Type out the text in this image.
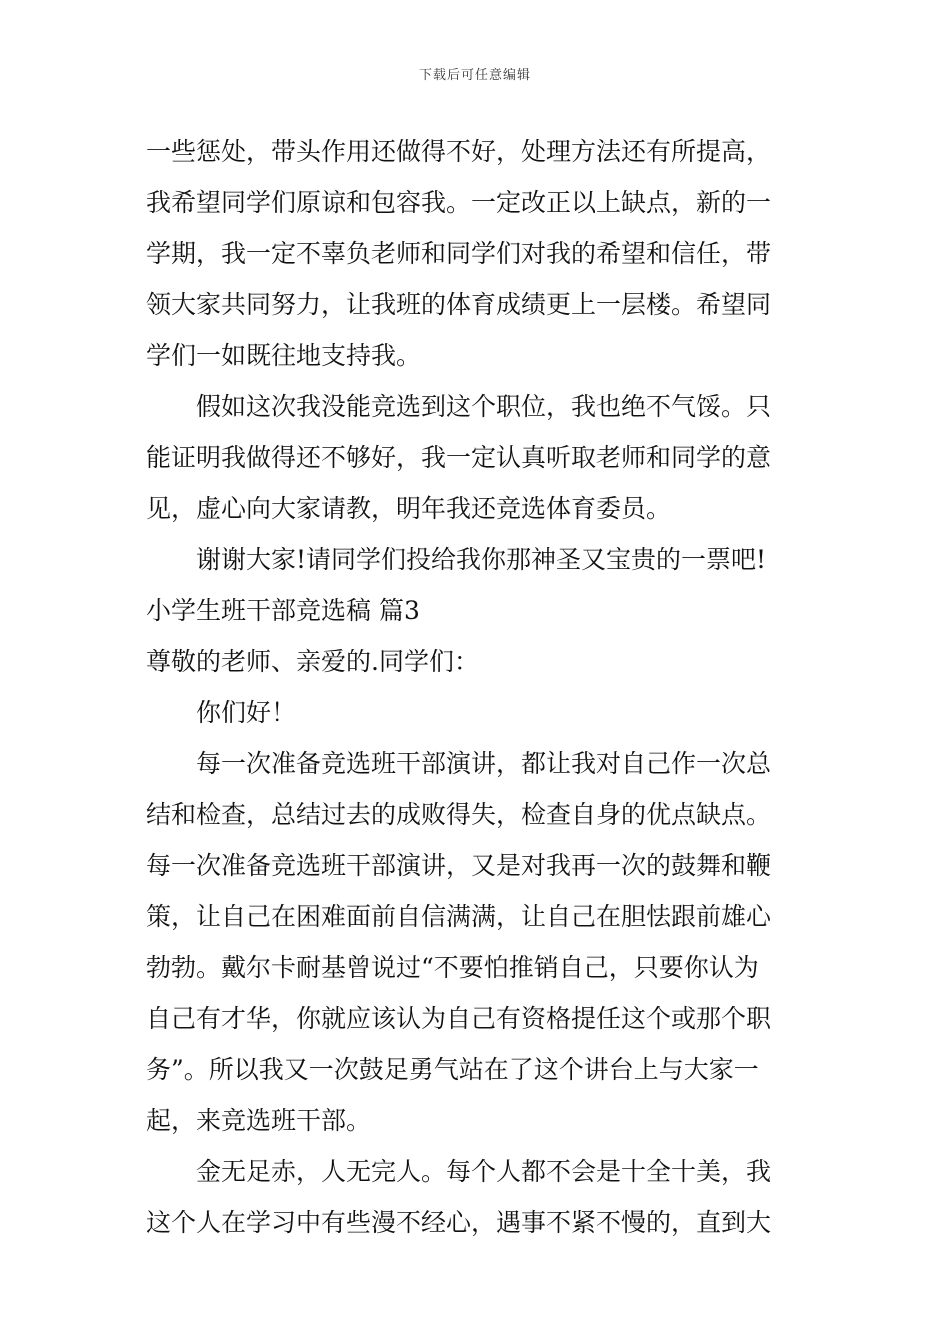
下载后可任意编辑
一些惩处，带头作用还做得不好，处理方法还有所提高，
我希望同学们原谅和包容我。一定改正以上缺点，新的一
学期，我一定不辜负老师和同学们对我的希望和信任，带
领大家共同努力，让我班的体育成绩更上一层楼。希望同
学们一如既往地支持我。
假如这次我没能竞选到这个职位，我也绝不气馁。只
能证明我做得还不够好，我一定认真听取老师和同学的意
见，虚心向大家请教，明年我还竞选体育委员。
谢谢大家!请同学们投给我你那神圣又宝贵的一票吧!
小学生班干部竞选稿 篇3
尊敬的老师、亲爱的.同学们：
你们好！
每一次准备竞选班干部演讲，都让我对自己作一次总
结和检查，总结过去的成败得失，检查自身的优点缺点。
每一次准备竞选班干部演讲，又是对我再一次的鼓舞和鞭
策，让自己在困难面前自信满满，让自己在胆怯跟前雄心
勃勃。戴尔卡耐基曾说过“不要怕推销自己，只要你认为
自己有才华，你就应该认为自己有资格提任这个或那个职
务”。所以我又一次鼓足勇气站在了这个讲台上与大家一
起，来竞选班干部。
金无足赤，人无完人。每个人都不会是十全十美，我
这个人在学习中有些漫不经心，遇事不紧不慢的，直到大
